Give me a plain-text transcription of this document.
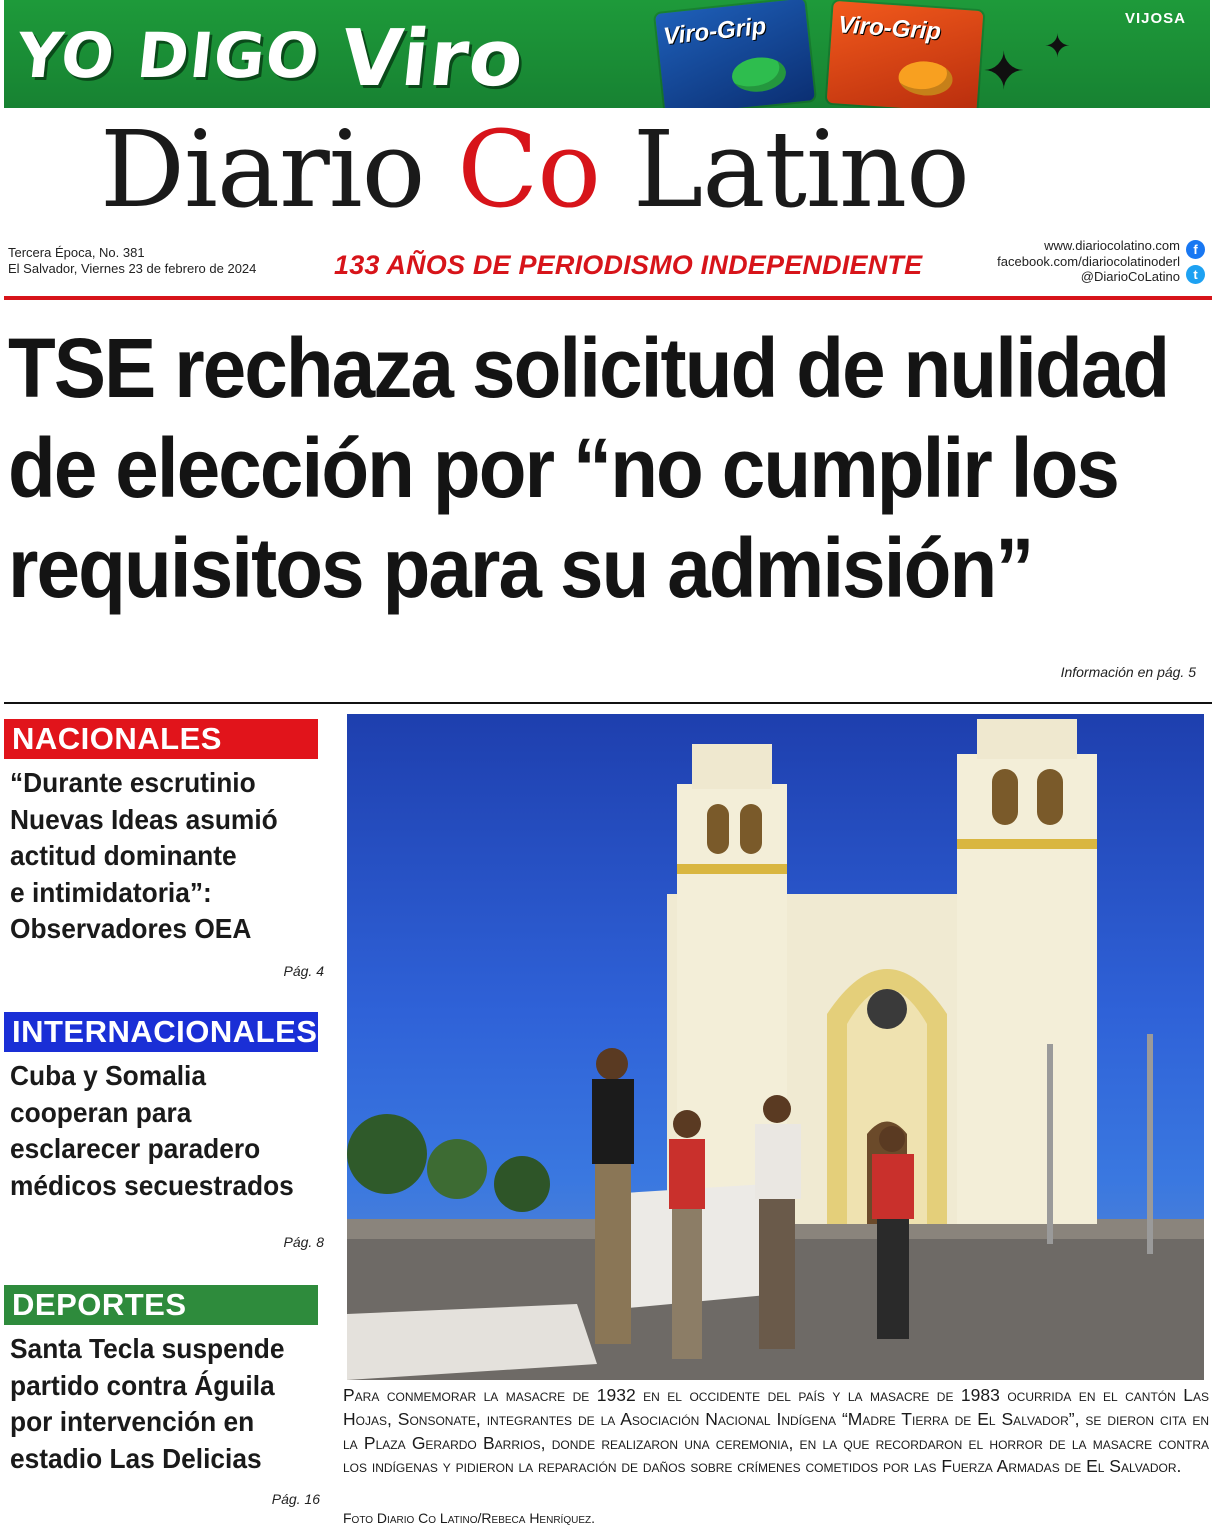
YO DIGO Viro	Viro-Grip	Viro-Grip
✦ ✦
VIJOSA
Diario Co Latino
Tercera Época, No. 381
El Salvador, Viernes 23 de febrero de 2024	133 AÑOS DE PERIODISMO INDEPENDIENTE
www.diariocolatino.com
facebook.com/diariocolatinoderl
@DiarioCoLatino
f
t
TSE rechaza solicitud de nulidad
de elección por “no cumplir los
requisitos para su admisión”
Información en pág. 5
NACIONALES
“Durante escrutinio
Nuevas Ideas asumió
actitud dominante
e intimidatoria”:
Observadores OEA
Pág. 4
INTERNACIONALES
Cuba y Somalia
cooperan para
esclarecer paradero
médicos secuestrados
Pág. 8
DEPORTES
Santa Tecla suspende
partido contra Águila
por intervención en
estadio Las Delicias
Pág. 16
Para conmemorar la masacre de 1932 en el occidente del país y la masacre de 1983 ocurrida en el cantón Las Hojas, Sonsonate, integrantes de la Asociación Nacional Indígena “Madre Tierra de El Salvador”, se dieron cita en la Plaza Gerardo Barrios, donde realizaron una ceremonia, en la que recordaron el horror de la masacre contra los indígenas y pidieron la reparación de daños sobre crímenes cometidos por las Fuerza Armadas de El Salvador.
Foto Diario Co Latino/Rebeca Henríquez.
